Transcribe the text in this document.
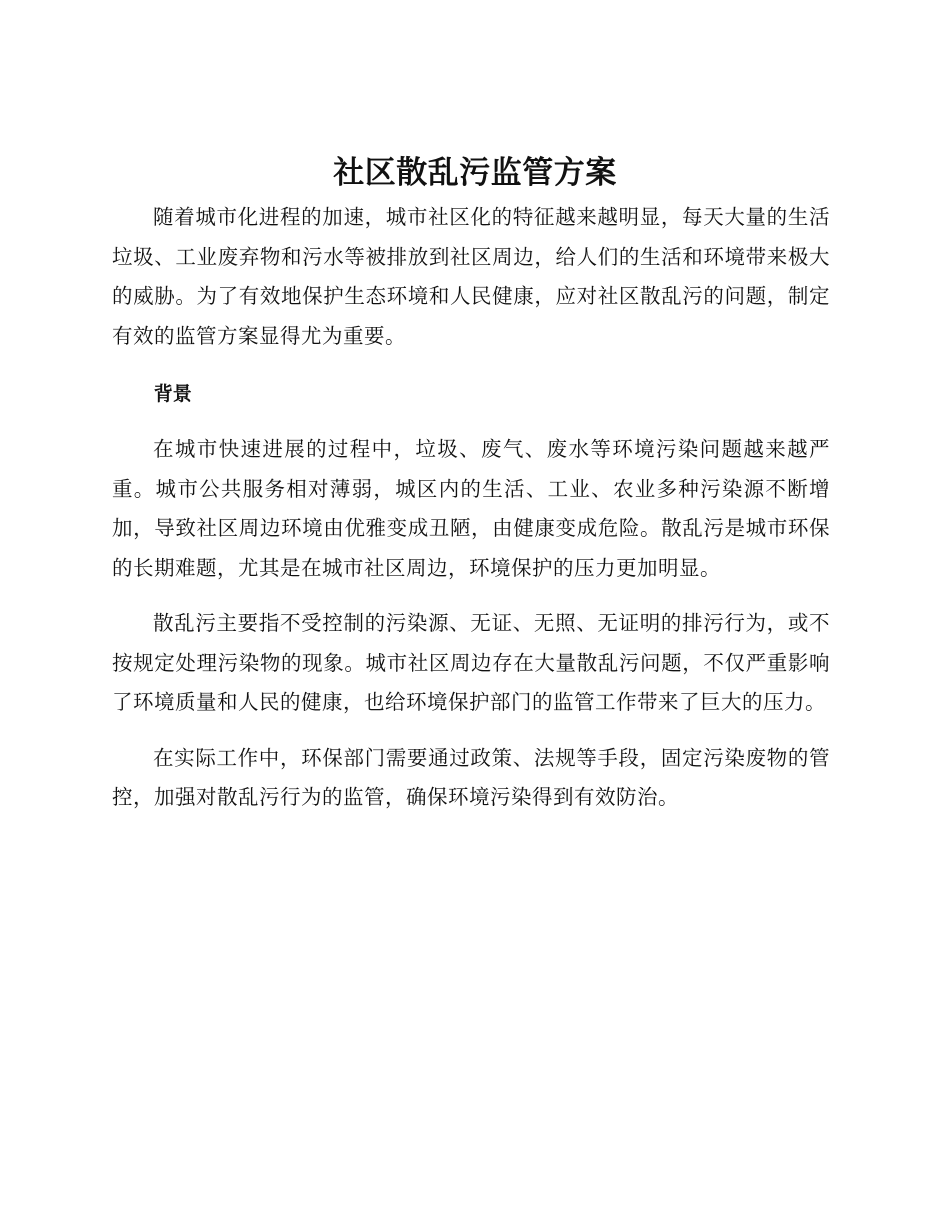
社区散乱污监管方案

随着城市化进程的加速，城市社区化的特征越来越明显，每天大量的生活垃圾、工业废弃物和污水等被排放到社区周边，给人们的生活和环境带来极大的威胁。为了有效地保护生态环境和人民健康，应对社区散乱污的问题，制定有效的监管方案显得尤为重要。

背景

在城市快速进展的过程中，垃圾、废气、废水等环境污染问题越来越严重。城市公共服务相对薄弱，城区内的生活、工业、农业多种污染源不断增加，导致社区周边环境由优雅变成丑陋，由健康变成危险。散乱污是城市环保的长期难题，尤其是在城市社区周边，环境保护的压力更加明显。

散乱污主要指不受控制的污染源、无证、无照、无证明的排污行为，或不按规定处理污染物的现象。城市社区周边存在大量散乱污问题，不仅严重影响了环境质量和人民的健康，也给环境保护部门的监管工作带来了巨大的压力。

在实际工作中，环保部门需要通过政策、法规等手段，固定污染废物的管控，加强对散乱污行为的监管，确保环境污染得到有效防治。
